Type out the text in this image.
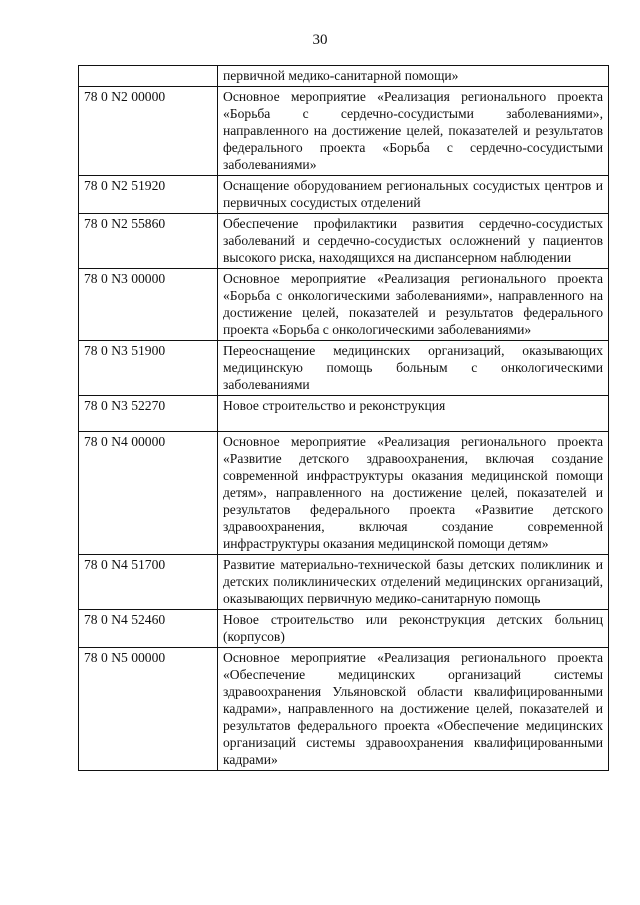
30
	первичной медико-санитарной помощи»
78 0 N2 00000	Основное мероприятие «Реализация регионального проекта «Борьба с сердечно-сосудистыми заболеваниями», направленного на достижение целей, показателей и результатов федерального проекта «Борьба с сердечно-сосудистыми заболеваниями»
78 0 N2 51920	Оснащение оборудованием региональных сосудистых центров и первичных сосудистых отделений
78 0 N2 55860	Обеспечение профилактики развития сердечно-сосудистых заболеваний и сердечно-сосудистых осложнений у пациентов высокого риска, находящихся на диспансерном наблюдении
78 0 N3 00000	Основное мероприятие «Реализация регионального проекта «Борьба с онкологическими заболеваниями», направленного на достижение целей, показателей и результатов федерального проекта «Борьба с онкологическими заболеваниями»
78 0 N3 51900	Переоснащение медицинских организаций, оказывающих медицинскую помощь больным с онкологическими заболеваниями
78 0 N3 52270	Новое строительство и реконструкция
78 0 N4 00000	Основное мероприятие «Реализация регионального проекта «Развитие детского здравоохранения, включая создание современной инфраструктуры оказания медицинской помощи детям», направленного на достижение целей, показателей и результатов федерального проекта «Развитие детского здравоохранения, включая создание современной инфраструктуры оказания медицинской помощи детям»
78 0 N4 51700	Развитие материально-технической базы детских поликлиник и детских поликлинических отделений медицинских организаций, оказывающих первичную медико-санитарную помощь
78 0 N4 52460	Новое строительство или реконструкция детских больниц (корпусов)
78 0 N5 00000	Основное мероприятие «Реализация регионального проекта «Обеспечение медицинских организаций системы здравоохранения Ульяновской области квалифицированными кадрами», направленного на достижение целей, показателей и результатов федерального проекта «Обеспечение медицинских организаций системы здравоохранения квалифицированными кадрами»
